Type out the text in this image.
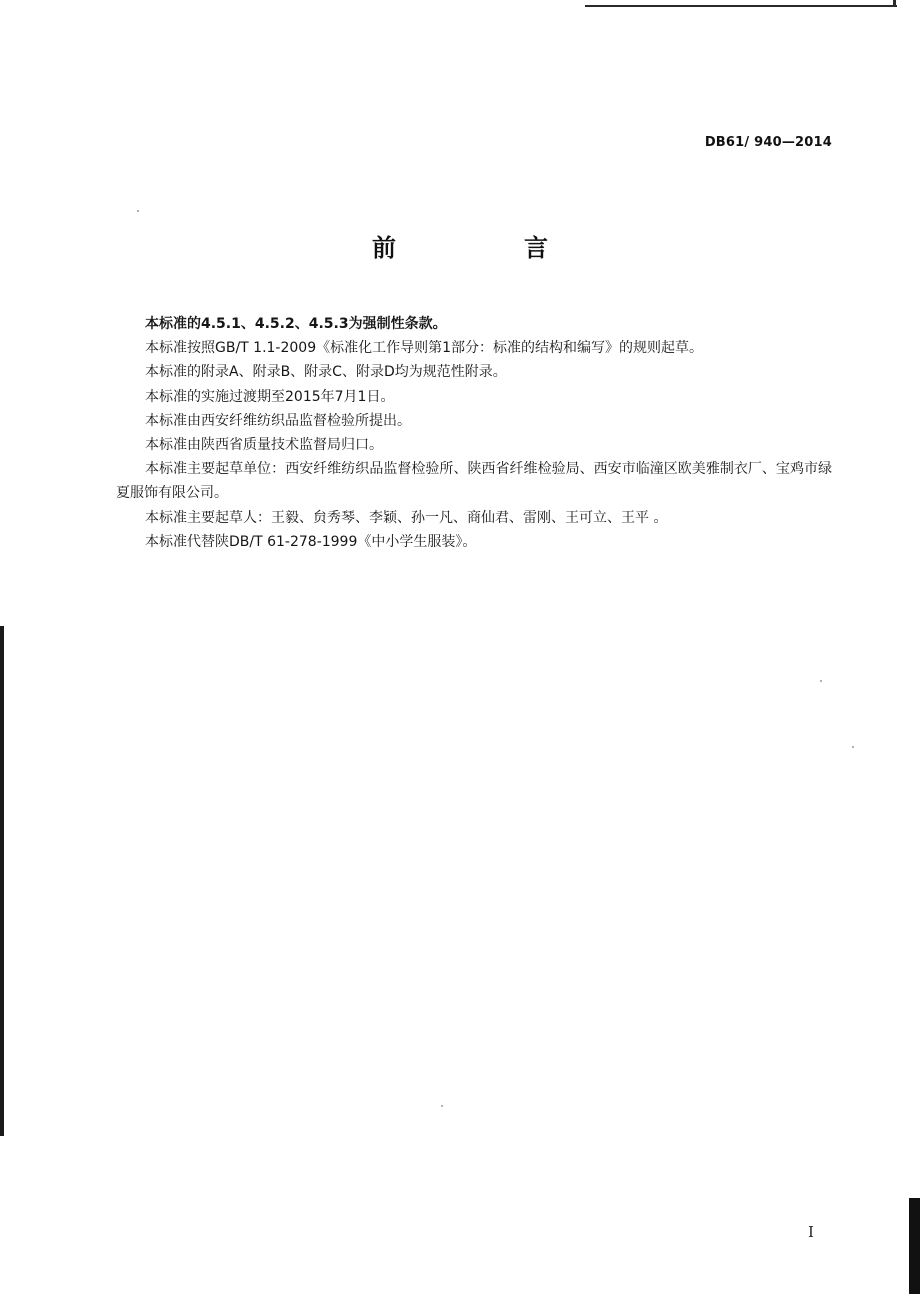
DB61/ 940—2014
前　言

本标准的4.5.1、4.5.2、4.5.3为强制性条款。

本标准按照GB/T 1.1-2009《标准化工作导则第1部分：标准的结构和编写》的规则起草。

本标准的附录A、附录B、附录C、附录D均为规范性附录。

本标准的实施过渡期至2015年7月1日。

本标准由西安纤维纺织品监督检验所提出。

本标准由陕西省质量技术监督局归口。

本标准主要起草单位：西安纤维纺织品监督检验所、陕西省纤维检验局、西安市临潼区欧美雅制衣厂、宝鸡市绿夏服饰有限公司。

本标准主要起草人：王毅、贠秀琴、李颖、孙一凡、商仙君、雷刚、王可立、王平 。

本标准代替陕DB/T 61-278-1999《中小学生服装》。

I
